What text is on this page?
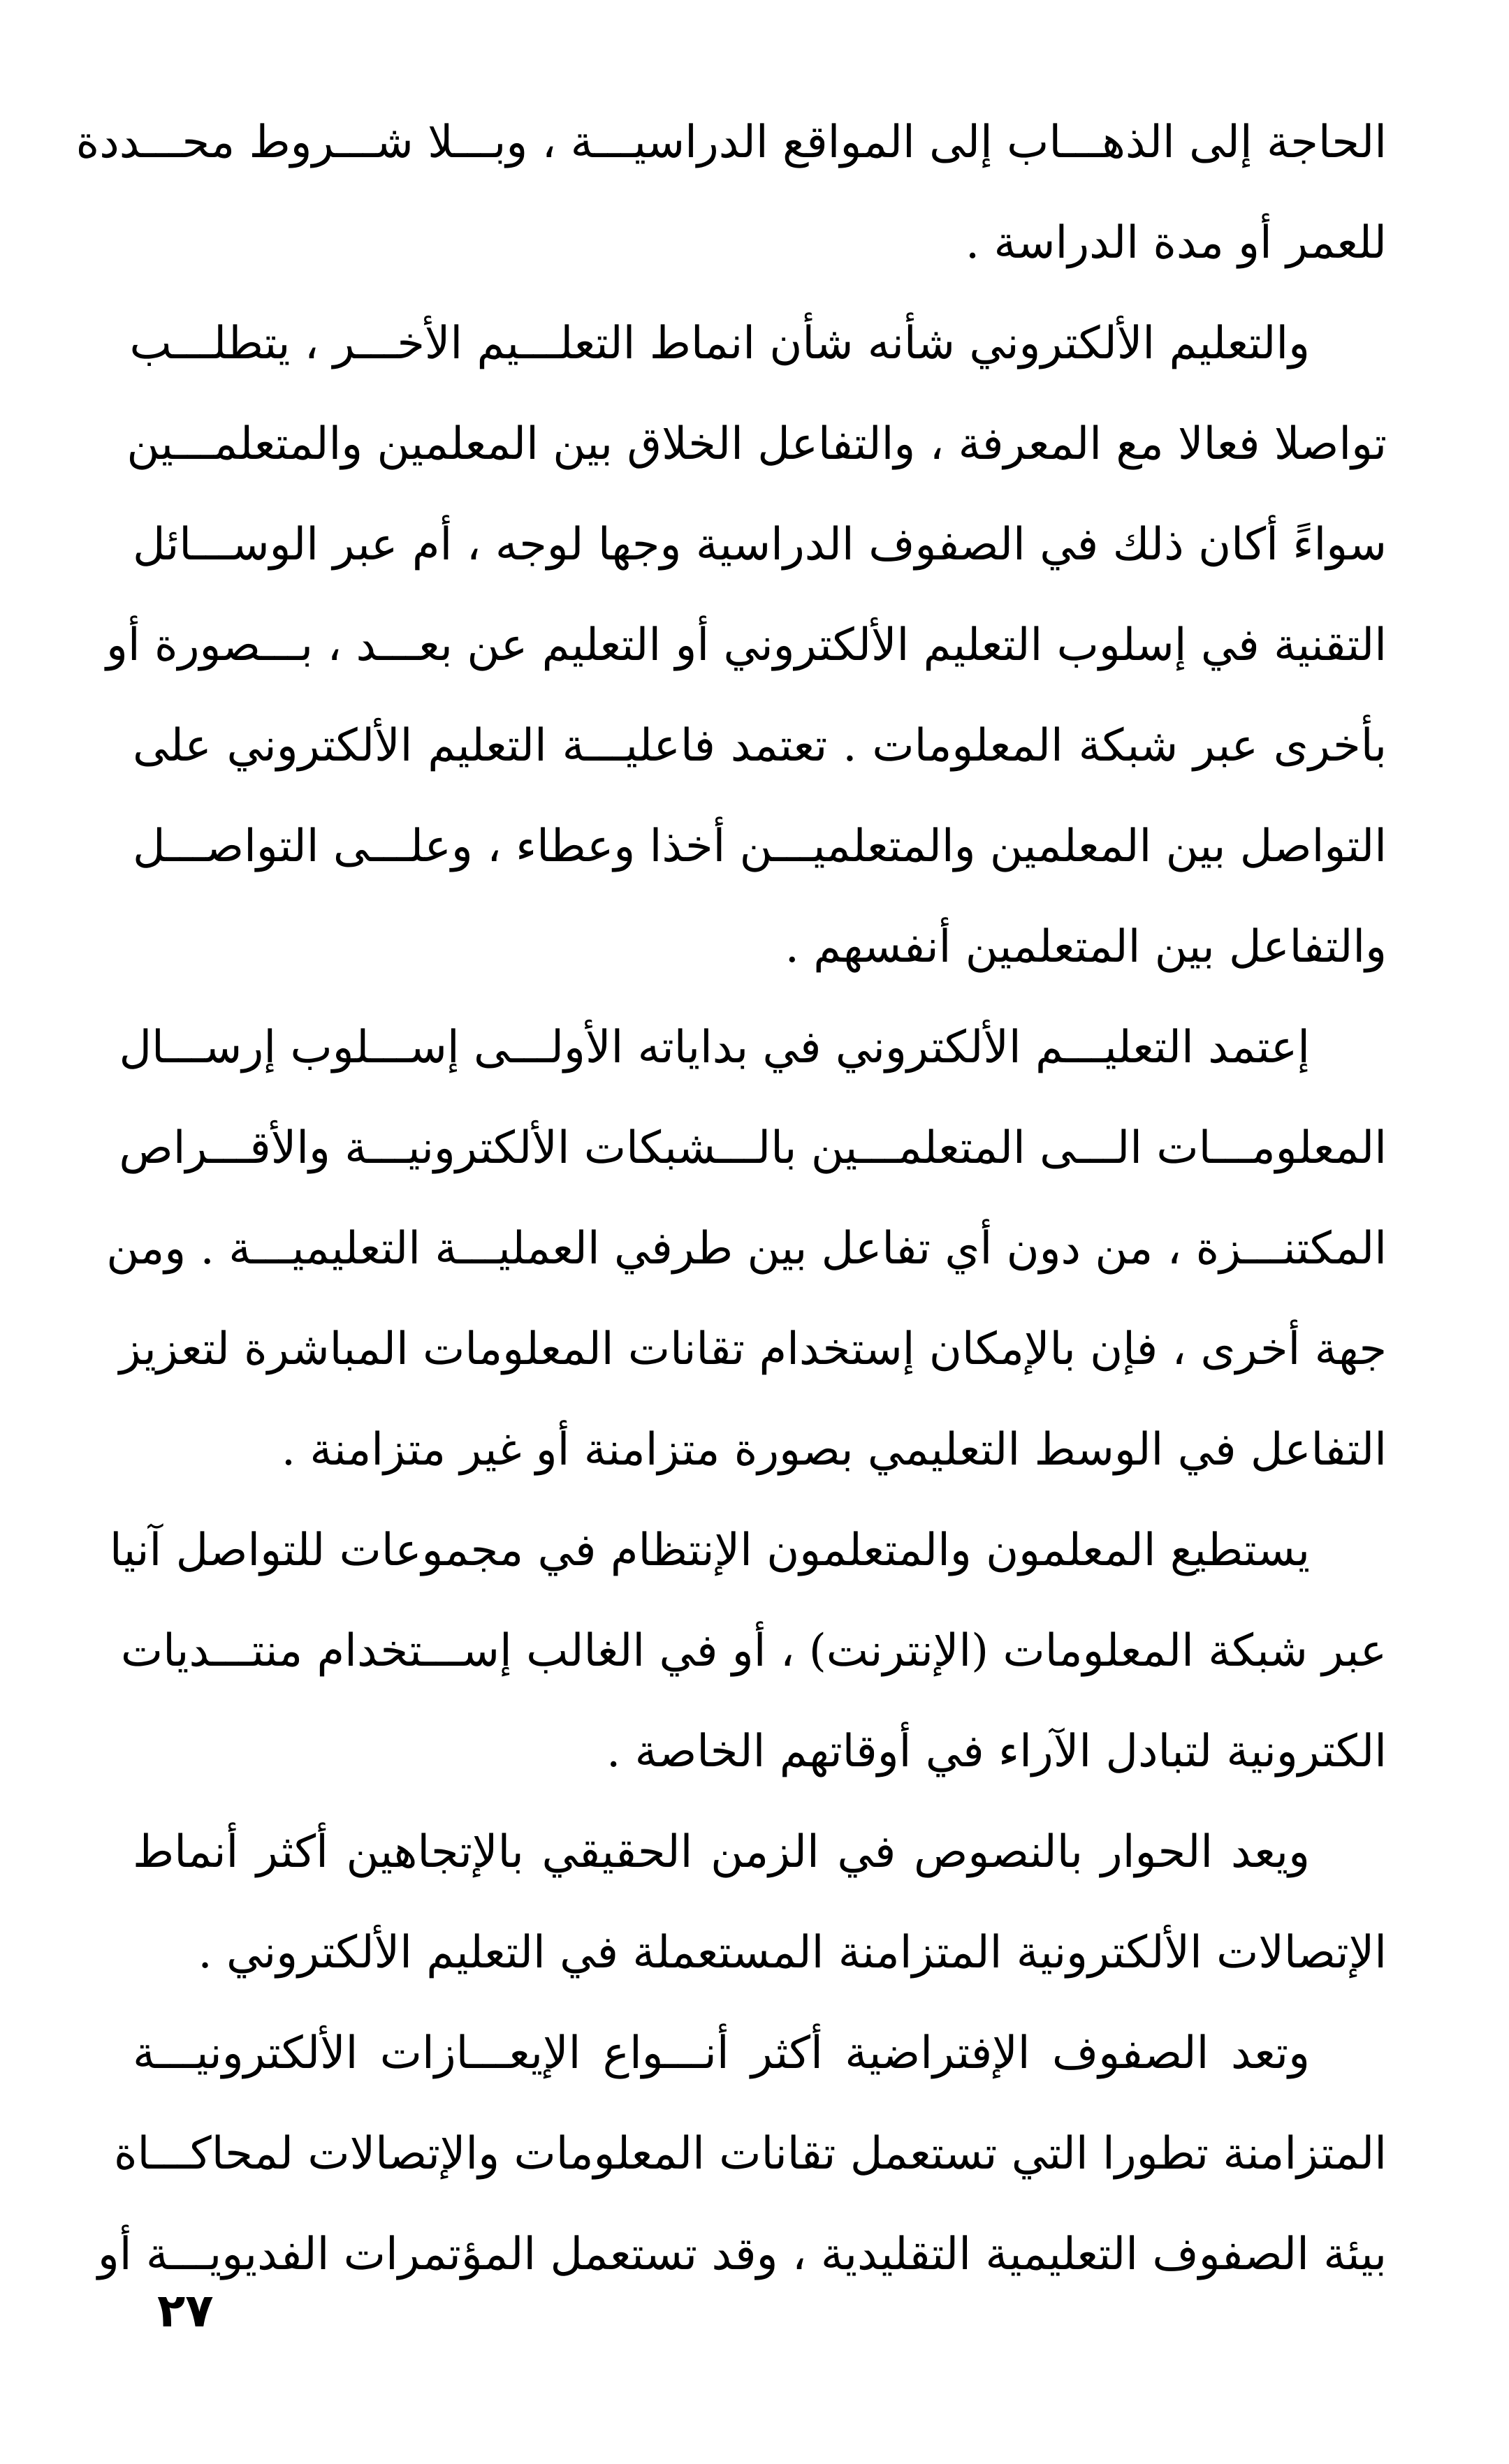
الحاجة إلى الذهـــاب إلى المواقع الدراسيـــة ، وبـــلا شـــروط محـــددة
للعمر أو مدة الدراسة .
والتعليم الألكتروني شأنه شأن انماط التعلـــيم الأخـــر ، يتطلـــب
تواصلا فعالا مع المعرفة ، والتفاعل الخلاق بين المعلمين والمتعلمـــين
سواءً أكان ذلك في الصفوف الدراسية وجها لوجه ، أم عبر الوســـائل
التقنية في إسلوب التعليم الألكتروني أو التعليم عن بعـــد ، بـــصورة أو
بأخرى عبر شبكة المعلومات . تعتمد فاعليـــة التعليم الألكتروني على
التواصل بين المعلمين والمتعلميـــن أخذا وعطاء ، وعلـــى التواصـــل
والتفاعل بين المتعلمين أنفسهم .
إعتمد التعليـــم الألكتروني في بداياته الأولـــى إســـلوب إرســـال
المعلومـــات الـــى المتعلمـــين بالـــشبكات الألكترونيـــة والأقـــراص
المكتنـــزة ، من دون أي تفاعل بين طرفي العمليـــة التعليميـــة . ومن
جهة أخرى ، فإن بالإمكان إستخدام تقانات المعلومات المباشرة لتعزيز
التفاعل في الوسط التعليمي بصورة متزامنة أو غير متزامنة .
يستطيع المعلمون والمتعلمون الإنتظام في مجموعات للتواصل آنيا
عبر شبكة المعلومات (الإنترنت) ، أو في الغالب إســـتخدام منتـــديات
الكترونية لتبادل الآراء في أوقاتهم الخاصة .
ويعد الحوار بالنصوص في الزمن الحقيقي بالإتجاهين أكثر أنماط
الإتصالات الألكترونية المتزامنة المستعملة في التعليم الألكتروني .
وتعد الصفوف الإفتراضية أكثر أنـــواع الإيعـــازات الألكترونيـــة
المتزامنة تطورا التي تستعمل تقانات المعلومات والإتصالات لمحاكـــاة
بيئة الصفوف التعليمية التقليدية ، وقد تستعمل المؤتمرات الفديويـــة أو
٢٧
